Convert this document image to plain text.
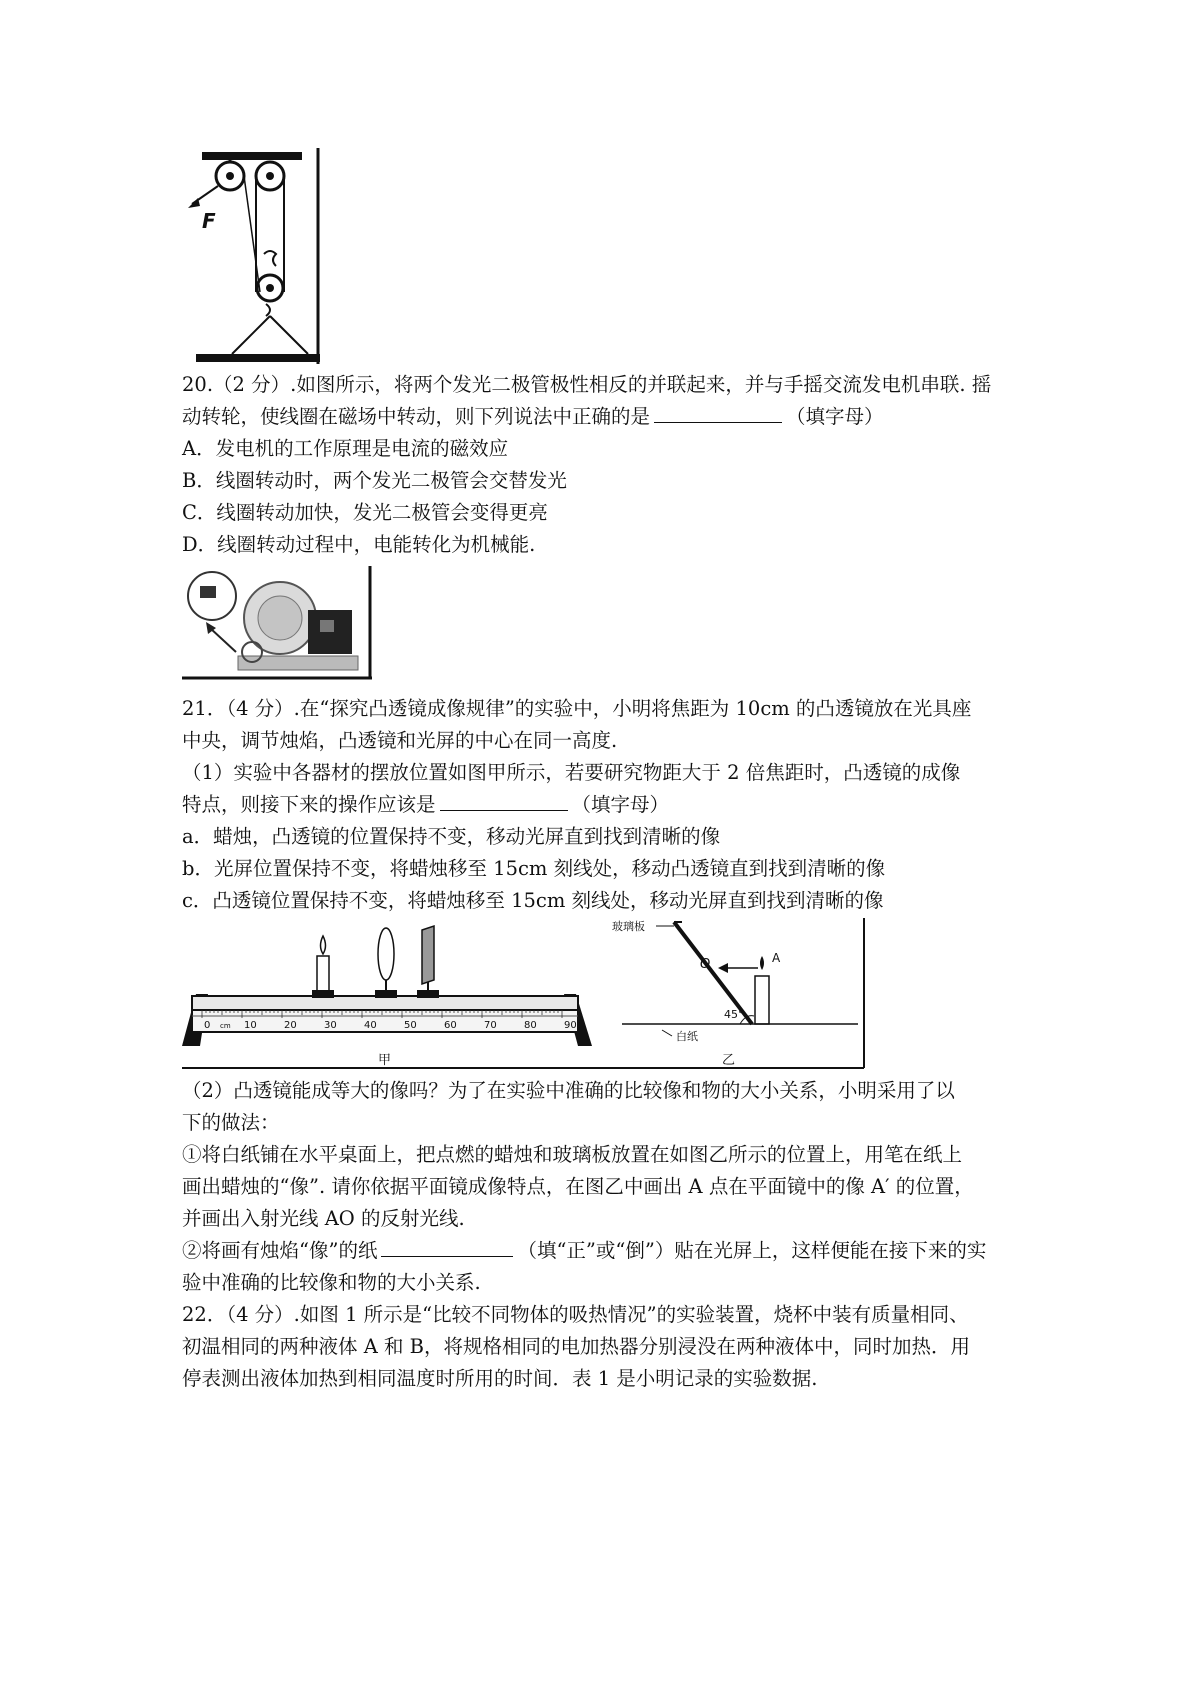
F
20.（2 分）.如图所示，将两个发光二极管极性相反的并联起来，并与手摇交流发电机串联. 摇
动转轮，使线圈在磁场中转动，则下列说法中正确的是	（填字母）
A．发电机的工作原理是电流的磁效应
B．线圈转动时，两个发光二极管会交替发光
C．线圈转动加快，发光二极管会变得更亮
D．线圈转动过程中，电能转化为机械能.
21．（4 分）.在“探究凸透镜成像规律”的实验中，小明将焦距为 10cm 的凸透镜放在光具座
中央，调节烛焰，凸透镜和光屏的中心在同一高度.
（1）实验中各器材的摆放位置如图甲所示，若要研究物距大于 2 倍焦距时，凸透镜的成像
特点，则接下来的操作应该是	（填字母）
a．蜡烛，凸透镜的位置保持不变，移动光屏直到找到清晰的像
b．光屏位置保持不变，将蜡烛移至 15cm 刻线处，移动凸透镜直到找到清晰的像
c．凸透镜位置保持不变，将蜡烛移至 15cm 刻线处，移动光屏直到找到清晰的像
0 cm 10	20	30	40	50	60	70	80	90
甲
玻璃板
O	A
45°
白纸
乙
（2）凸透镜能成等大的像吗？为了在实验中准确的比较像和物的大小关系，小明采用了以
下的做法：
①将白纸铺在水平桌面上，把点燃的蜡烛和玻璃板放置在如图乙所示的位置上，用笔在纸上
画出蜡烛的“像”. 请你依据平面镜成像特点，在图乙中画出 A 点在平面镜中的像 A′ 的位置，
并画出入射光线 AO 的反射光线.
②将画有烛焰“像”的纸	（填“正”或“倒”）贴在光屏上，这样便能在接下来的实
验中准确的比较像和物的大小关系.
22．（4 分）.如图 1 所示是“比较不同物体的吸热情况”的实验装置，烧杯中装有质量相同、
初温相同的两种液体 A 和 B，将规格相同的电加热器分别浸没在两种液体中，同时加热．用
停表测出液体加热到相同温度时所用的时间．表 1 是小明记录的实验数据.
